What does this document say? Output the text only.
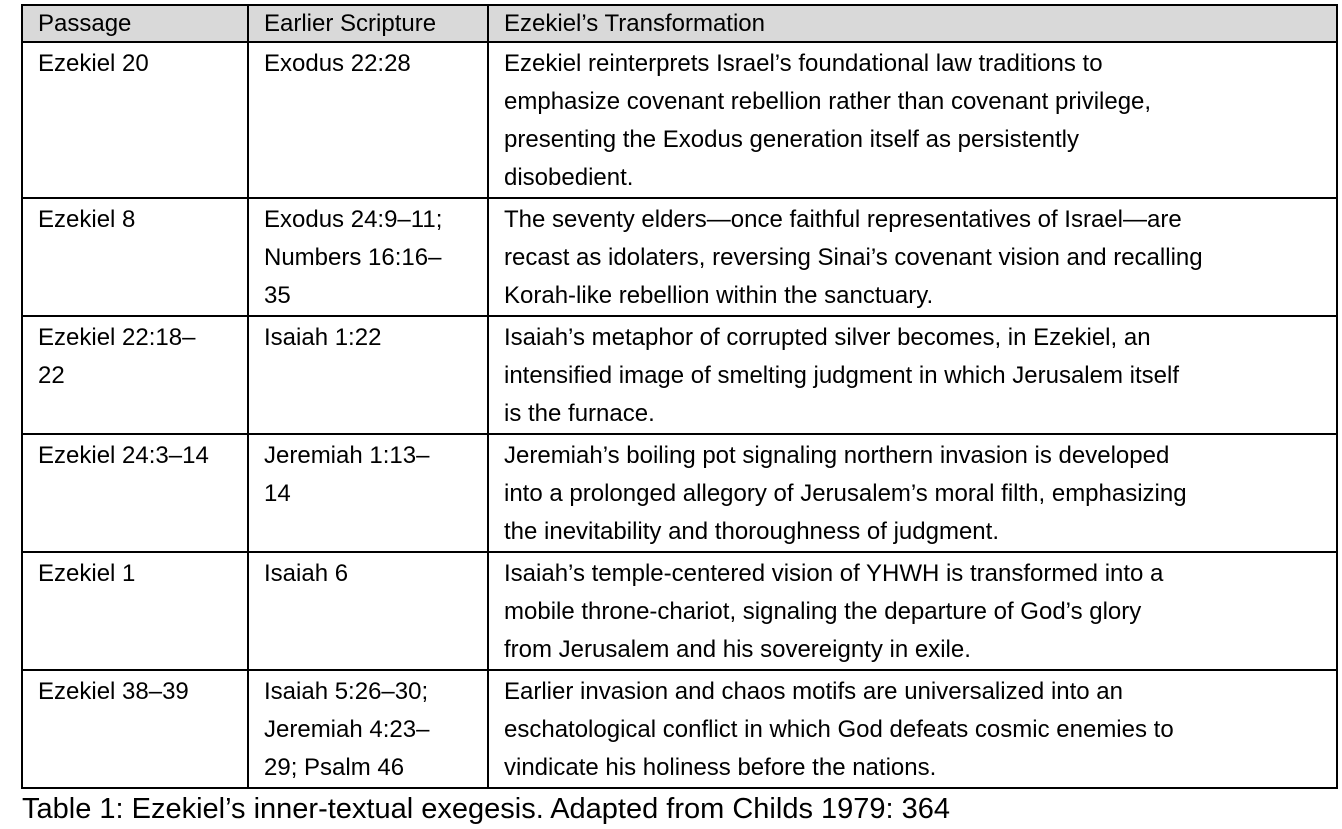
Passage	Earlier Scripture	Ezekiel’s Transformation

Ezekiel 20	Exodus 22:28	Ezekiel reinterprets Israel’s foundational law traditions to
emphasize covenant rebellion rather than covenant privilege,
presenting the Exodus generation itself as persistently
disobedient.

Ezekiel 8	Exodus 24:9–11;
Numbers 16:16–
35	The seventy elders—once faithful representatives of Israel—are
recast as idolaters, reversing Sinai’s covenant vision and recalling
Korah-like rebellion within the sanctuary.

Ezekiel 22:18–
22	Isaiah 1:22	Isaiah’s metaphor of corrupted silver becomes, in Ezekiel, an
intensified image of smelting judgment in which Jerusalem itself
is the furnace.

Ezekiel 24:3–14	Jeremiah 1:13–
14	Jeremiah’s boiling pot signaling northern invasion is developed
into a prolonged allegory of Jerusalem’s moral filth, emphasizing
the inevitability and thoroughness of judgment.

Ezekiel 1	Isaiah 6	Isaiah’s temple-centered vision of YHWH is transformed into a
mobile throne-chariot, signaling the departure of God’s glory
from Jerusalem and his sovereignty in exile.

Ezekiel 38–39	Isaiah 5:26–30;
Jeremiah 4:23–
29; Psalm 46	Earlier invasion and chaos motifs are universalized into an
eschatological conflict in which God defeats cosmic enemies to
vindicate his holiness before the nations.
Table 1: Ezekiel’s inner-textual exegesis. Adapted from Childs 1979: 364
